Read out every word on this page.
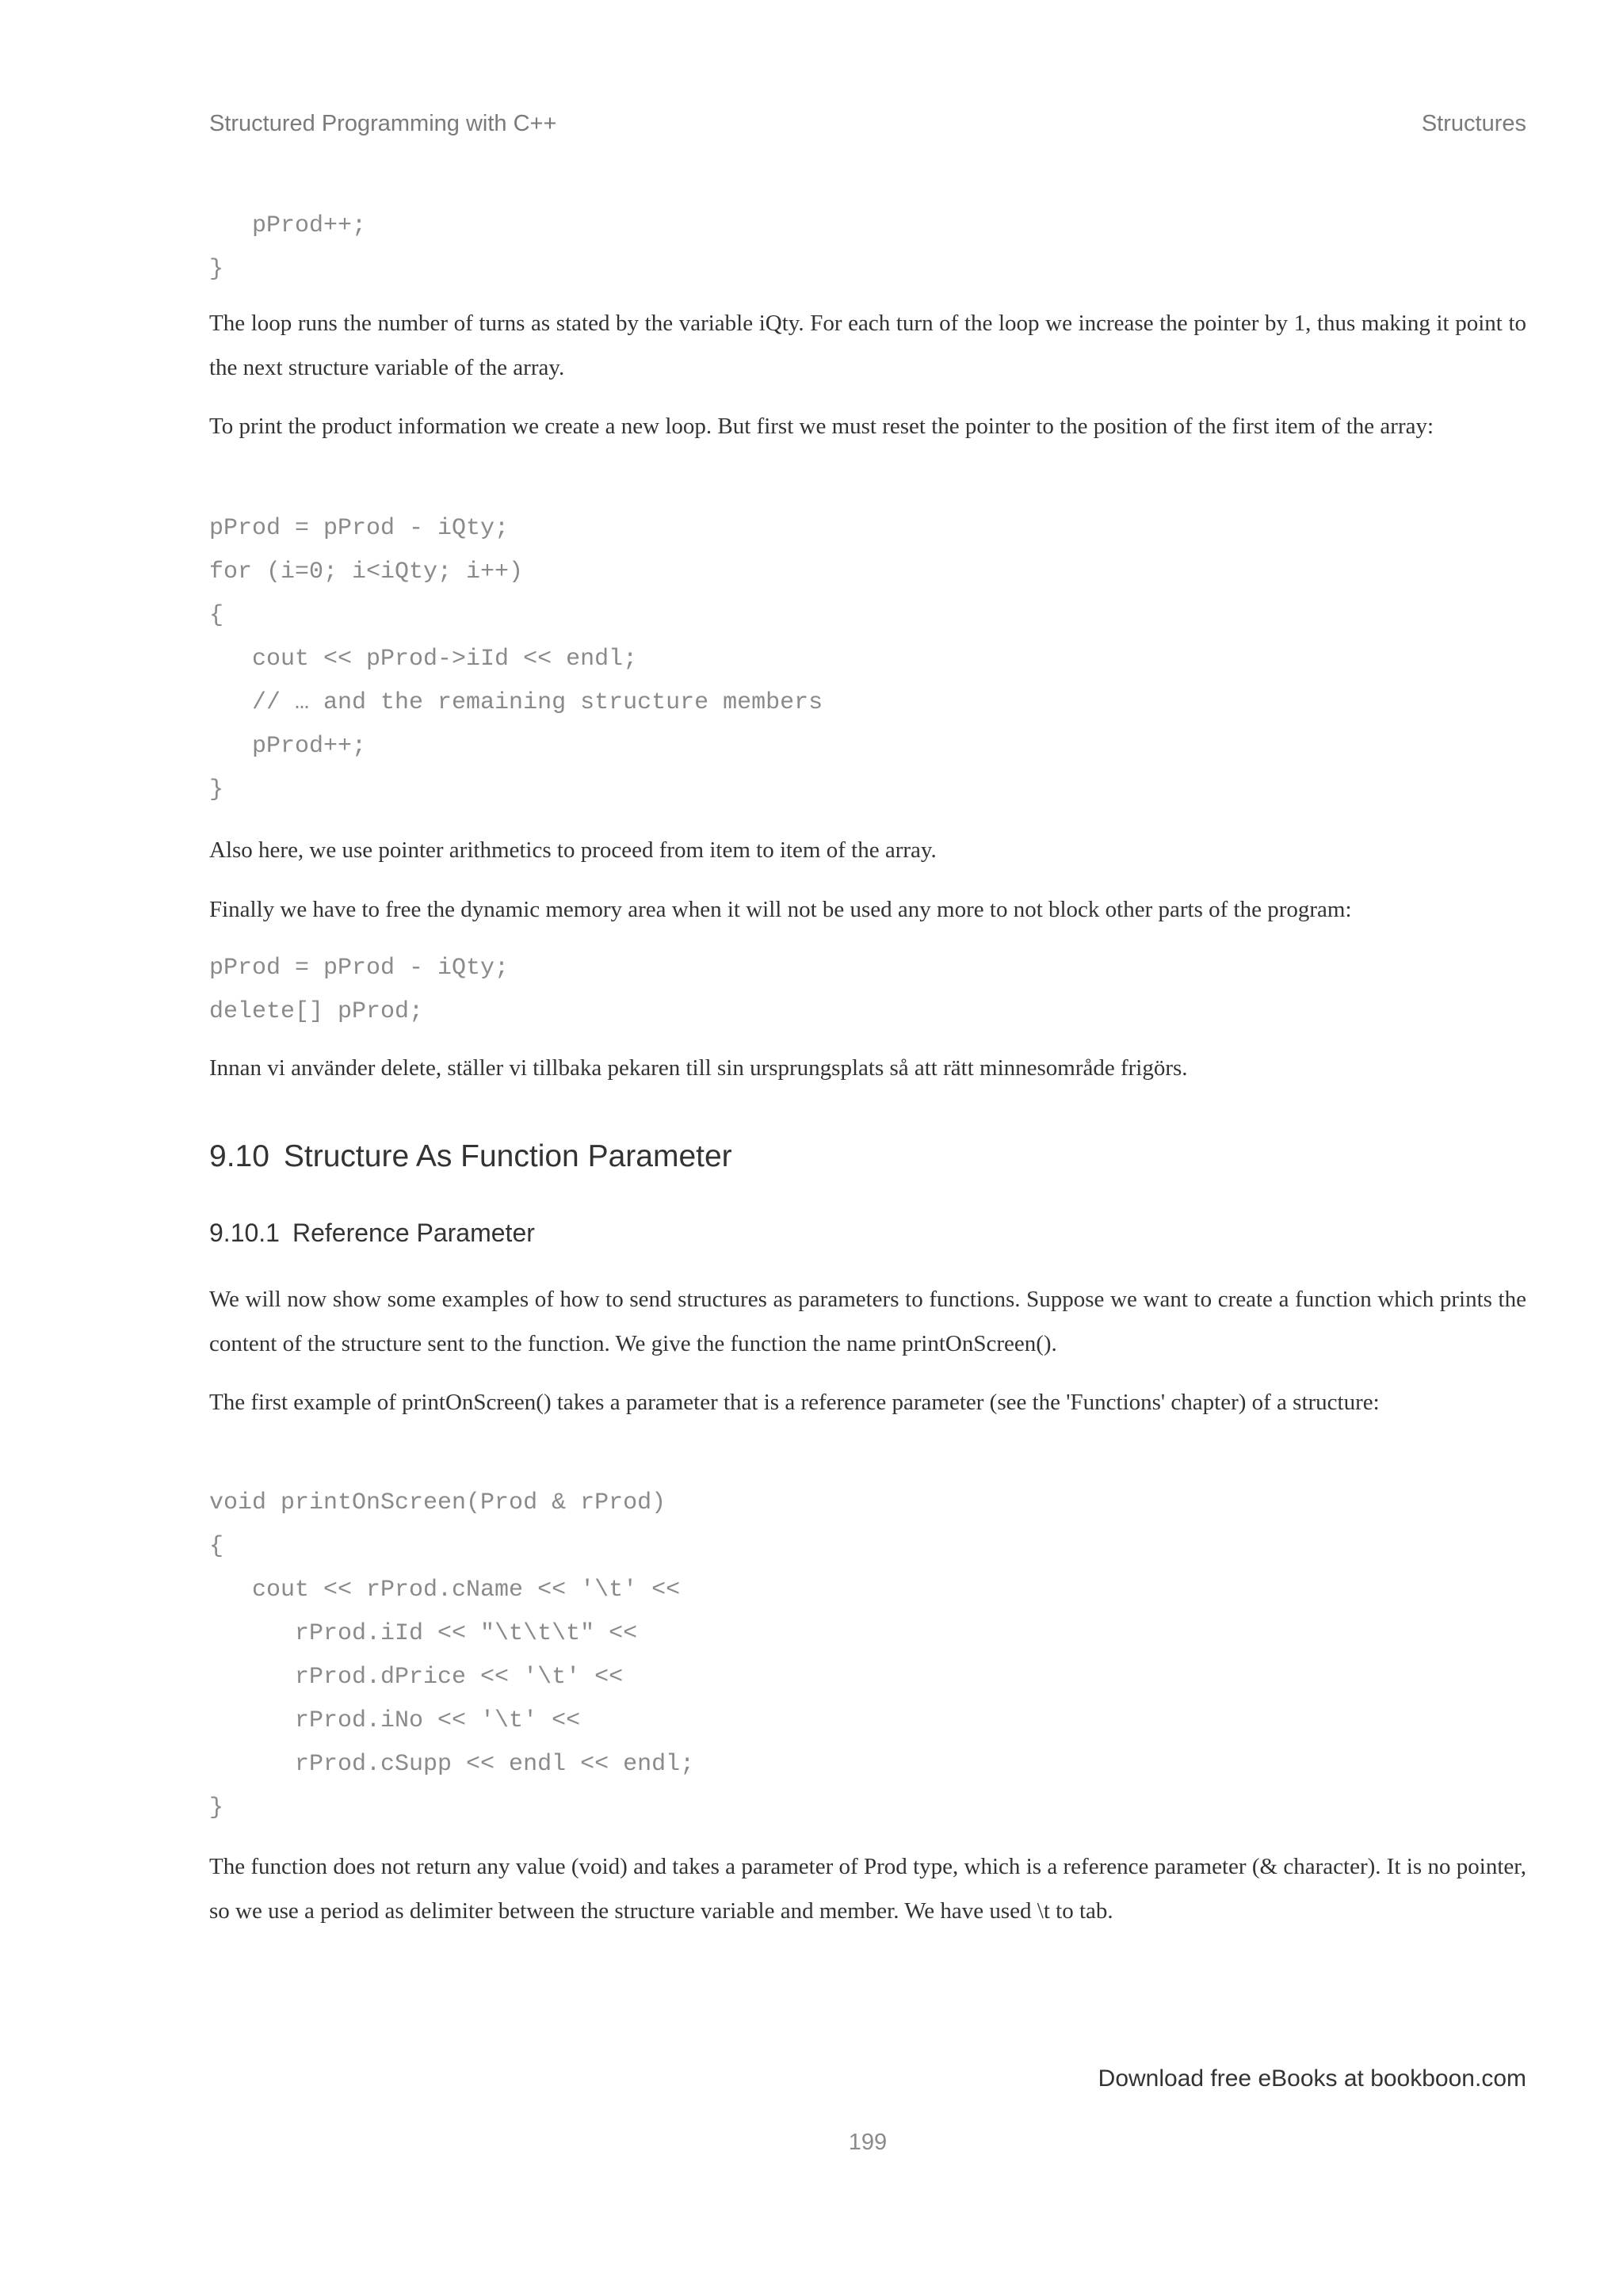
Structured Programming with C++	Structures
pProd++;
}

The loop runs the number of turns as stated by the variable iQty. For each turn of the loop we increase the pointer by 1, thus making it point to the next structure variable of the array.

To print the product information we create a new loop. But first we must reset the pointer to the position of the first item of the array:

pProd = pProd - iQty;
for (i=0; i<iQty; i++)
{
cout << pProd->iId << endl;
// … and the remaining structure members
pProd++;
}

Also here, we use pointer arithmetics to proceed from item to item of the array.

Finally we have to free the dynamic memory area when it will not be used any more to not block other parts of the program:

pProd = pProd - iQty;
delete[] pProd;

Innan vi använder delete, ställer vi tillbaka pekaren till sin ursprungsplats så att rätt minnesområde frigörs.

9.10 Structure As Function Parameter
9.10.1 Reference Parameter

We will now show some examples of how to send structures as parameters to functions. Suppose we want to create a function which prints the content of the structure sent to the function. We give the function the name printOnScreen().

The first example of printOnScreen() takes a parameter that is a reference parameter (see the 'Functions' chapter) of a structure:

void printOnScreen(Prod & rProd)
{
cout << rProd.cName << '\t' <<
rProd.iId << "\t\t\t" <<
rProd.dPrice << '\t' <<
rProd.iNo << '\t' <<
rProd.cSupp << endl << endl;
}

The function does not return any value (void) and takes a parameter of Prod type, which is a reference parameter (& character). It is no pointer, so we use a period as delimiter between the structure variable and member. We have used \t to tab.

Download free eBooks at bookboon.com
199
